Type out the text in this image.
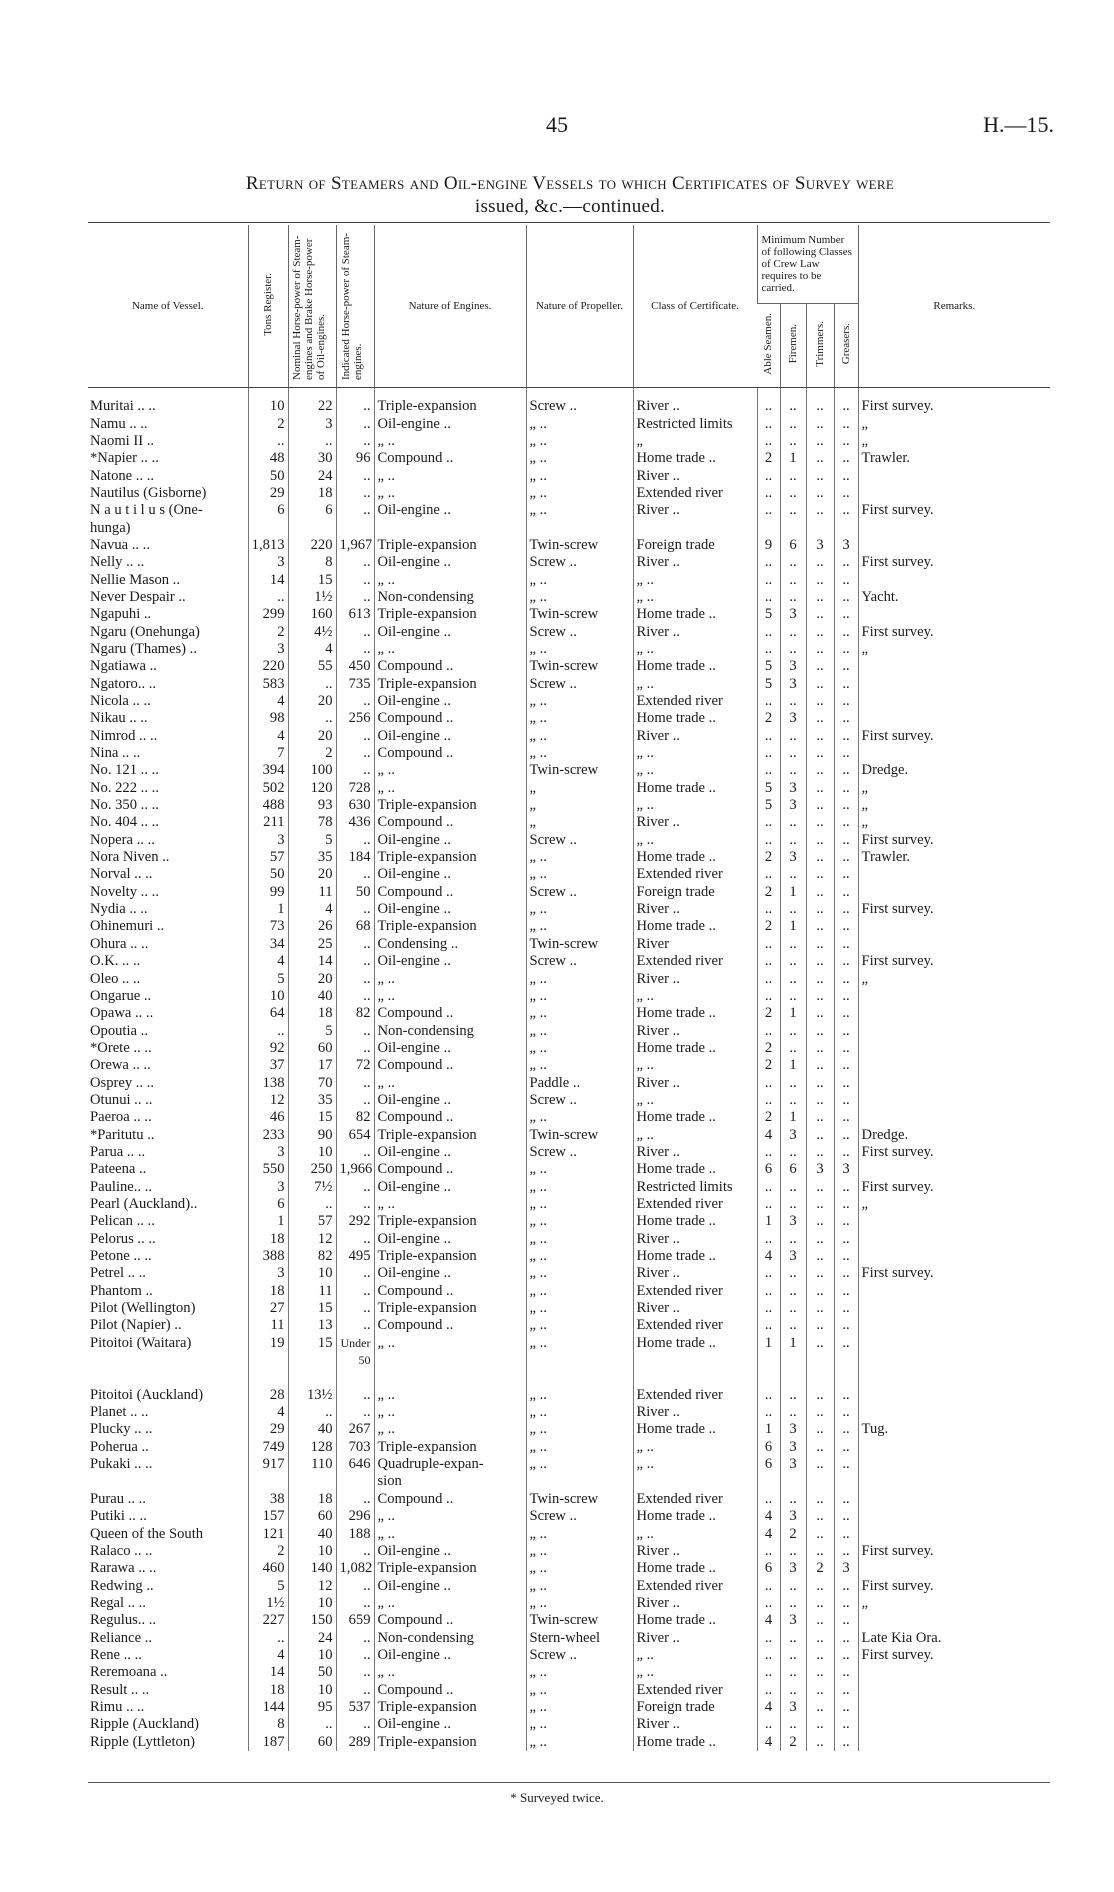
45	H.—15.
Return of Steamers and Oil-engine Vessels to which Certificates of Survey were
issued, &c.—continued.
Name of Vessel.	Tons Register.	Nominal Horse-power of Steam-engines and Brake Horse-power of Oil-engines.	Indicated Horse-power of Steam-engines.	Nature of Engines.	Nature of Propeller.	Class of Certificate.	Minimum Number of following Classes of Crew Law requires to be carried.				Remarks.
							Able Seamen.	Firemen.	Trimmers.	Greasers.	
Muritai .. ..	10	22	..	Triple-expansion	Screw ..	River ..	..	..	..	..	First survey.
Namu .. ..	2	3	..	Oil-engine ..	„ ..	Restricted limits	..	..	..	..	„
Naomi II ..	..	..	..	„ ..	„ ..	„	..	..	..	..	„
*Napier .. ..	48	30	96	Compound ..	„ ..	Home trade ..	2	1	..	..	Trawler.
Natone .. ..	50	24	..	„ ..	„ ..	River ..	..	..	..	..	
Nautilus (Gisborne)	29	18	..	„ ..	„ ..	Extended river	..	..	..	..	
N a u t i l u s (One-	6	6	..	Oil-engine ..	„ ..	River ..	..	..	..	..	First survey.
hunga)											
Navua .. ..	1,813	220	1,967	Triple-expansion	Twin-screw	Foreign trade	9	6	3	3	
Nelly .. ..	3	8	..	Oil-engine ..	Screw ..	River ..	..	..	..	..	First survey.
Nellie Mason ..	14	15	..	„ ..	„ ..	„ ..	..	..	..	..	
Never Despair ..	..	1½	..	Non-condensing	„ ..	„ ..	..	..	..	..	Yacht.
Ngapuhi ..	299	160	613	Triple-expansion	Twin-screw	Home trade ..	5	3	..	..	
Ngaru (Onehunga)	2	4½	..	Oil-engine ..	Screw ..	River ..	..	..	..	..	First survey.
Ngaru (Thames) ..	3	4	..	„ ..	„ ..	„ ..	..	..	..	..	„
Ngatiawa ..	220	55	450	Compound ..	Twin-screw	Home trade ..	5	3	..	..	
Ngatoro.. ..	583	..	735	Triple-expansion	Screw ..	„ ..	5	3	..	..	
Nicola .. ..	4	20	..	Oil-engine ..	„ ..	Extended river	..	..	..	..	
Nikau .. ..	98	..	256	Compound ..	„ ..	Home trade ..	2	3	..	..	
Nimrod .. ..	4	20	..	Oil-engine ..	„ ..	River ..	..	..	..	..	First survey.
Nina .. ..	7	2	..	Compound ..	„ ..	„ ..	..	..	..	..	
No. 121 .. ..	394	100	..	„ ..	Twin-screw	„ ..	..	..	..	..	Dredge.
No. 222 .. ..	502	120	728	„ ..	„	Home trade ..	5	3	..	..	„
No. 350 .. ..	488	93	630	Triple-expansion	„	„ ..	5	3	..	..	„
No. 404 .. ..	211	78	436	Compound ..	„	River ..	..	..	..	..	„
Nopera .. ..	3	5	..	Oil-engine ..	Screw ..	„ ..	..	..	..	..	First survey.
Nora Niven ..	57	35	184	Triple-expansion	„ ..	Home trade ..	2	3	..	..	Trawler.
Norval .. ..	50	20	..	Oil-engine ..	„ ..	Extended river	..	..	..	..	
Novelty .. ..	99	11	50	Compound ..	Screw ..	Foreign trade	2	1	..	..	
Nydia .. ..	1	4	..	Oil-engine ..	„ ..	River ..	..	..	..	..	First survey.
Ohinemuri ..	73	26	68	Triple-expansion	„ ..	Home trade ..	2	1	..	..	
Ohura .. ..	34	25	..	Condensing ..	Twin-screw	River	..	..	..	..	
O.K. .. ..	4	14	..	Oil-engine ..	Screw ..	Extended river	..	..	..	..	First survey.
Oleo .. ..	5	20	..	„ ..	„ ..	River ..	..	..	..	..	„
Ongarue ..	10	40	..	„ ..	„ ..	„ ..	..	..	..	..	
Opawa .. ..	64	18	82	Compound ..	„ ..	Home trade ..	2	1	..	..	
Opoutia ..	..	5	..	Non-condensing	„ ..	River ..	..	..	..	..	
*Orete .. ..	92	60	..	Oil-engine ..	„ ..	Home trade ..	2	..	..	..	
Orewa .. ..	37	17	72	Compound ..	„ ..	„ ..	2	1	..	..	
Osprey .. ..	138	70	..	„ ..	Paddle ..	River ..	..	..	..	..	
Otunui .. ..	12	35	..	Oil-engine ..	Screw ..	„ ..	..	..	..	..	
Paeroa .. ..	46	15	82	Compound ..	„ ..	Home trade ..	2	1	..	..	
*Paritutu ..	233	90	654	Triple-expansion	Twin-screw	„ ..	4	3	..	..	Dredge.
Parua .. ..	3	10	..	Oil-engine ..	Screw ..	River ..	..	..	..	..	First survey.
Pateena ..	550	250	1,966	Compound ..	„ ..	Home trade ..	6	6	3	3	
Pauline.. ..	3	7½	..	Oil-engine ..	„ ..	Restricted limits	..	..	..	..	First survey.
Pearl (Auckland)..	6	..	..	„ ..	„ ..	Extended river	..	..	..	..	„
Pelican .. ..	1	57	292	Triple-expansion	„ ..	Home trade ..	1	3	..	..	
Pelorus .. ..	18	12	..	Oil-engine ..	„ ..	River ..	..	..	..	..	
Petone .. ..	388	82	495	Triple-expansion	„ ..	Home trade ..	4	3	..	..	
Petrel .. ..	3	10	..	Oil-engine ..	„ ..	River ..	..	..	..	..	First survey.
Phantom ..	18	11	..	Compound ..	„ ..	Extended river	..	..	..	..	
Pilot (Wellington)	27	15	..	Triple-expansion	„ ..	River ..	..	..	..	..	
Pilot (Napier) ..	11	13	..	Compound ..	„ ..	Extended river	..	..	..	..	
Pitoitoi (Waitara)	19	15	Under	„ ..	„ ..	Home trade ..	1	1	..	..	
			50								

Pitoitoi (Auckland)	28	13½	..	„ ..	„ ..	Extended river	..	..	..	..	
Planet .. ..	4	..	..	„ ..	„ ..	River ..	..	..	..	..	
Plucky .. ..	29	40	267	„ ..	„ ..	Home trade ..	1	3	..	..	Tug.
Poherua ..	749	128	703	Triple-expansion	„ ..	„ ..	6	3	..	..	
Pukaki .. ..	917	110	646	Quadruple-expan-	„ ..	„ ..	6	3	..	..	
				sion							
Purau .. ..	38	18	..	Compound ..	Twin-screw	Extended river	..	..	..	..	
Putiki .. ..	157	60	296	„ ..	Screw ..	Home trade ..	4	3	..	..	
Queen of the South	121	40	188	„ ..	„ ..	„ ..	4	2	..	..	
Ralaco .. ..	2	10	..	Oil-engine ..	„ ..	River ..	..	..	..	..	First survey.
Rarawa .. ..	460	140	1,082	Triple-expansion	„ ..	Home trade ..	6	3	2	3	
Redwing ..	5	12	..	Oil-engine ..	„ ..	Extended river	..	..	..	..	First survey.
Regal .. ..	1½	10	..	„ ..	„ ..	River ..	..	..	..	..	„
Regulus.. ..	227	150	659	Compound ..	Twin-screw	Home trade ..	4	3	..	..	
Reliance ..	..	24	..	Non-condensing	Stern-wheel	River ..	..	..	..	..	Late Kia Ora.
Rene .. ..	4	10	..	Oil-engine ..	Screw ..	„ ..	..	..	..	..	First survey.
Reremoana ..	14	50	..	„ ..	„ ..	„ ..	..	..	..	..	
Result .. ..	18	10	..	Compound ..	„ ..	Extended river	..	..	..	..	
Rimu .. ..	144	95	537	Triple-expansion	„ ..	Foreign trade	4	3	..	..	
Ripple (Auckland)	8	..	..	Oil-engine ..	„ ..	River ..	..	..	..	..	
Ripple (Lyttleton)	187	60	289	Triple-expansion	„ ..	Home trade ..	4	2	..	..	
* Surveyed twice.
